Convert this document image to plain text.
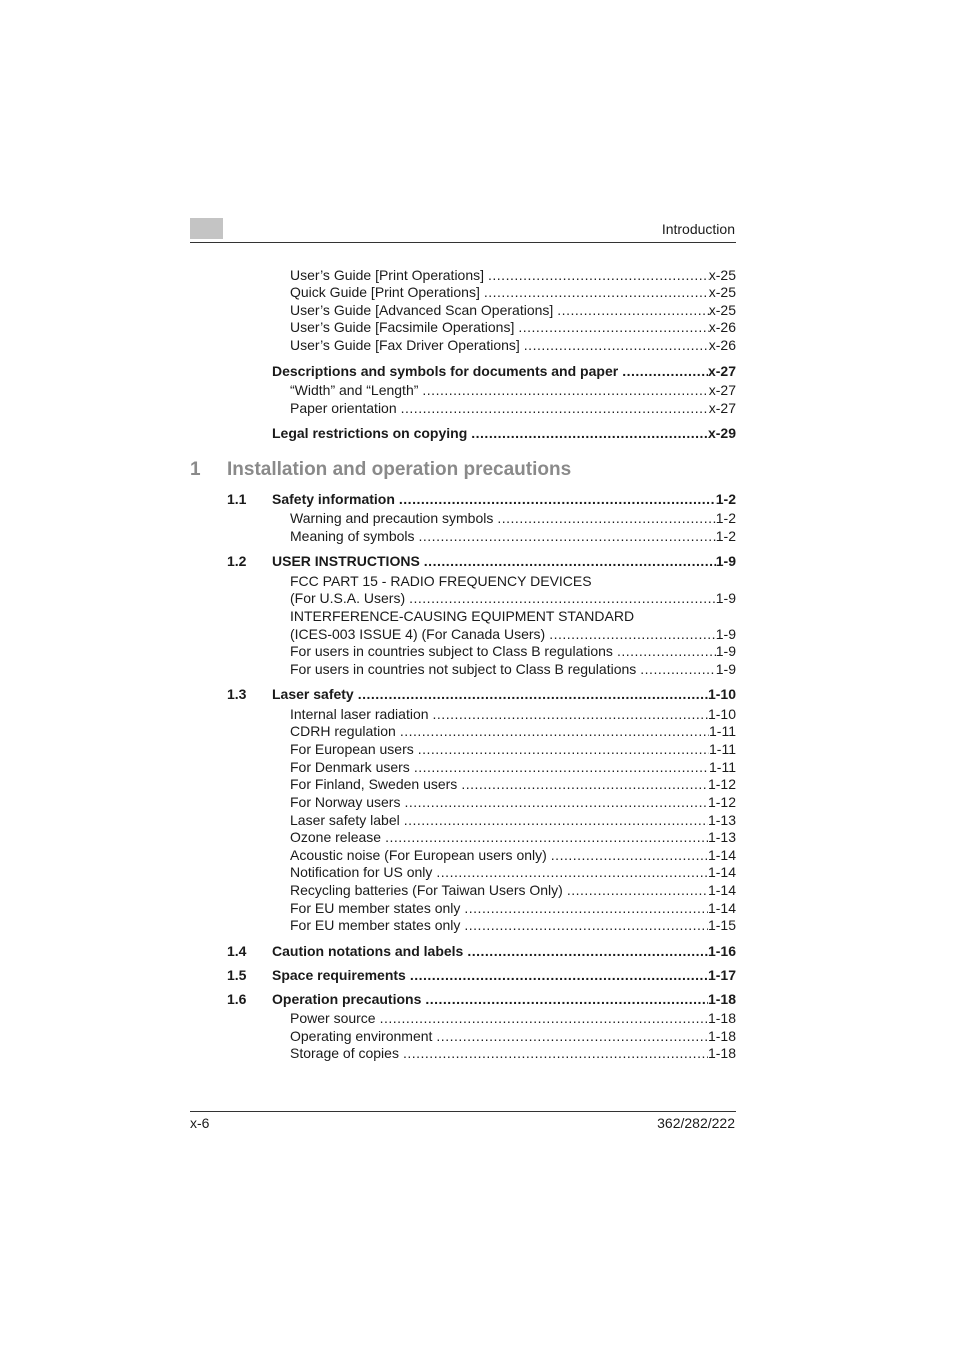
Introduction
User’s Guide [Print Operations] .....	x-25
Quick Guide [Print Operations] .....	x-25
User’s Guide [Advanced Scan Operations] .....	x-25
User’s Guide [Facsimile Operations] .....	x-26
User’s Guide [Fax Driver Operations] .....	x-26
Descriptions and symbols for documents and paper .....	x-27
“Width” and “Length” .....	x-27
Paper orientation .....	x-27
Legal restrictions on copying .....	x-29
1 Installation and operation precautions
1.1 Safety information .....	1-2
Warning and precaution symbols .....	1-2
Meaning of symbols .....	1-2
1.2 USER INSTRUCTIONS .....	1-9
FCC PART 15 - RADIO FREQUENCY DEVICES
(For U.S.A. Users) .....	1-9
INTERFERENCE-CAUSING EQUIPMENT STANDARD
(ICES-003 ISSUE 4) (For Canada Users) .....	1-9
For users in countries subject to Class B regulations .....	1-9
For users in countries not subject to Class B regulations .....	1-9
1.3 Laser safety .....	1-10
Internal laser radiation .....	1-10
CDRH regulation .....	1-11
For European users .....	1-11
For Denmark users .....	1-11
For Finland, Sweden users .....	1-12
For Norway users .....	1-12
Laser safety label .....	1-13
Ozone release .....	1-13
Acoustic noise (For European users only) .....	1-14
Notification for US only .....	1-14
Recycling batteries (For Taiwan Users Only) .....	1-14
For EU member states only .....	1-14
For EU member states only .....	1-15
1.4 Caution notations and labels .....	1-16
1.5 Space requirements .....	1-17
1.6 Operation precautions .....	1-18
Power source .....	1-18
Operating environment .....	1-18
Storage of copies .....	1-18
x-6	362/282/222
